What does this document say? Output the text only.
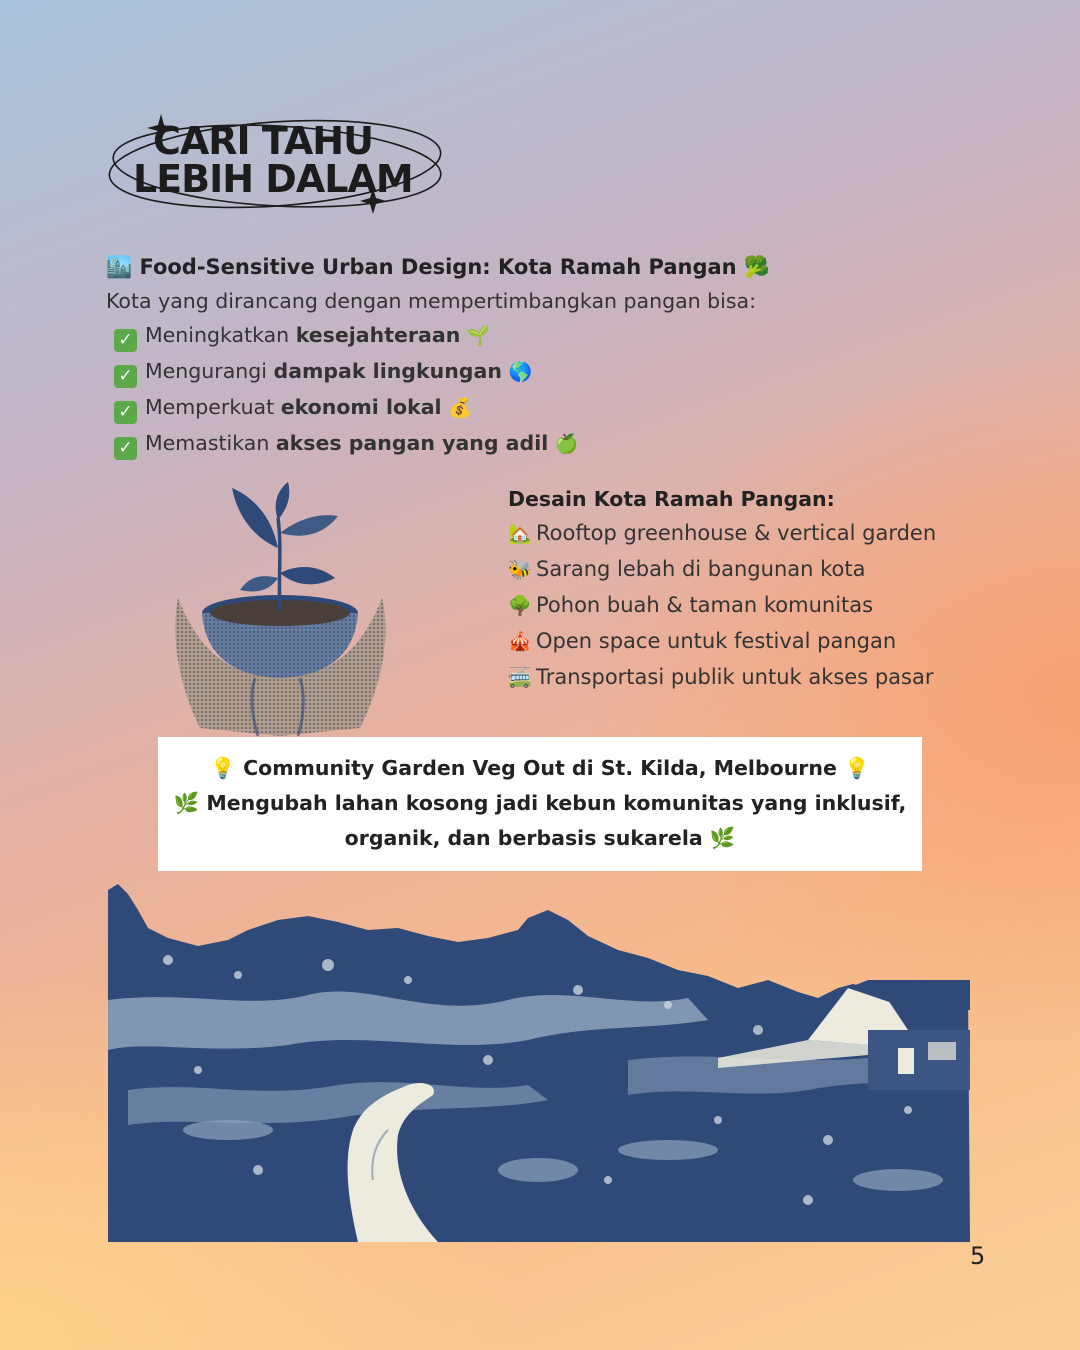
CARI TAHU
LEBIH DALAM
🏙️ Food-Sensitive Urban Design: Kota Ramah Pangan 🥦
Kota yang dirancang dengan mempertimbangkan pangan bisa:
✓ Meningkatkan kesejahteraan 🌱
✓ Mengurangi dampak lingkungan 🌎
✓ Memperkuat ekonomi lokal 💰
✓ Memastikan akses pangan yang adil 🍏
Desain Kota Ramah Pangan:
🏡 Rooftop greenhouse & vertical garden
🐝 Sarang lebah di bangunan kota
🌳 Pohon buah & taman komunitas
🎪 Open space untuk festival pangan
🚎 Transportasi publik untuk akses pasar

💡 Community Garden Veg Out di St. Kilda, Melbourne 💡

🌿 Mengubah lahan kosong jadi kebun komunitas yang inklusif,

organik, dan berbasis sukarela 🌿

5
